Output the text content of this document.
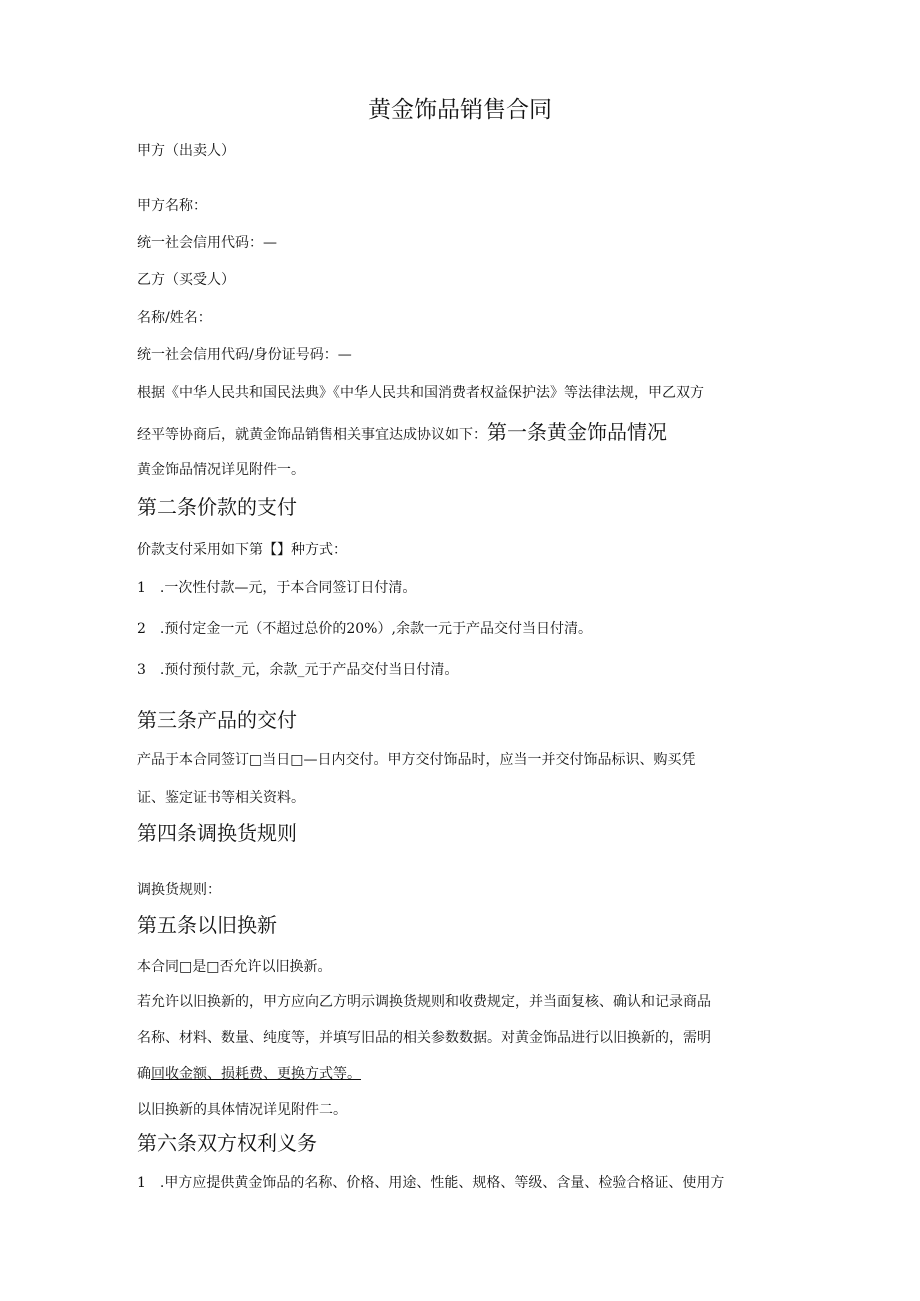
黄金饰品销售合同

甲方（出卖人）

甲方名称：

统一社会信用代码：—

乙方（买受人）

名称/姓名：

统一社会信用代码/身份证号码：—

根据《中华人民共和国民法典》《中华人民共和国消费者权益保护法》等法律法规，甲乙双方

经平等协商后，就黄金饰品销售相关事宜达成协议如下：第一条黄金饰品情况

黄金饰品情况详见附件一。

第二条价款的支付

价款支付采用如下第【】种方式：

1 .一次性付款—元，于本合同签订日付清。

2 .预付定金一元（不超过总价的20%）,余款一元于产品交付当日付清。

3 .预付预付款_元，余款_元于产品交付当日付清。

第三条产品的交付

产品于本合同签订□当日□—日内交付。甲方交付饰品时，应当一并交付饰品标识、购买凭

证、鉴定证书等相关资料。

第四条调换货规则

调换货规则：

第五条以旧换新

本合同□是□否允许以旧换新。

若允许以旧换新的，甲方应向乙方明示调换货规则和收费规定，并当面复核、确认和记录商品

名称、材料、数量、纯度等，并填写旧品的相关参数数据。对黄金饰品进行以旧换新的，需明

确回收金额、损耗费、更换方式等。

以旧换新的具体情况详见附件二。

第六条双方权利义务

1 .甲方应提供黄金饰品的名称、价格、用途、性能、规格、等级、含量、检验合格证、使用方
